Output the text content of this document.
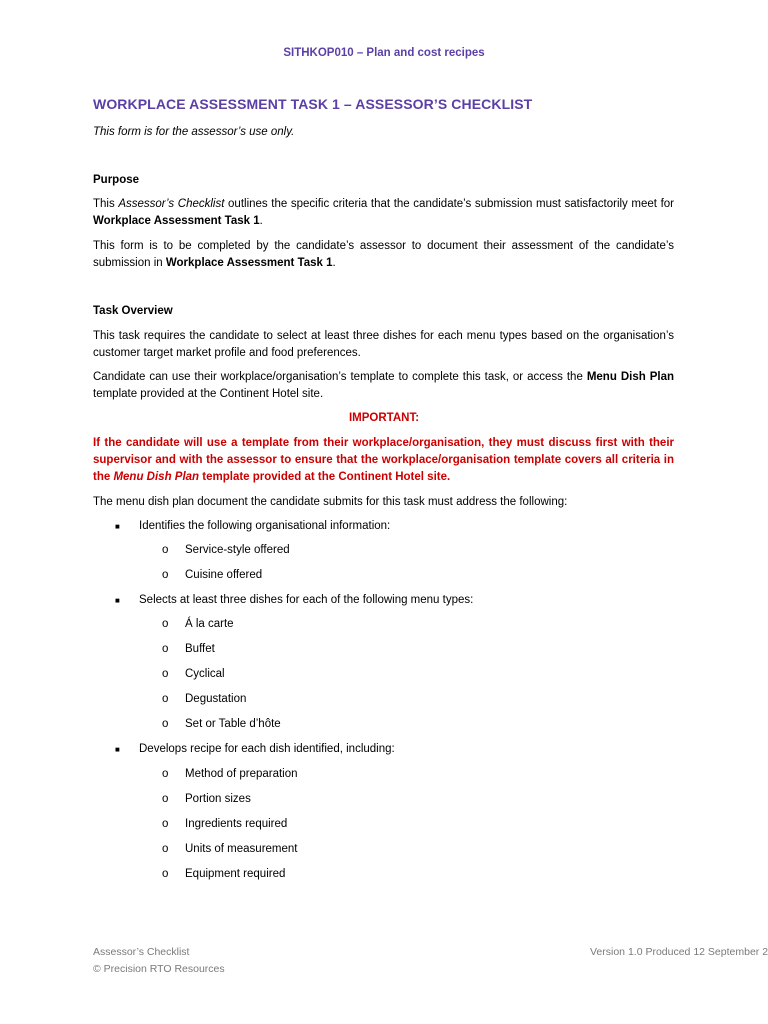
SITHKOP010 – Plan and cost recipes
WORKPLACE ASSESSMENT TASK 1 – ASSESSOR’S CHECKLIST
This form is for the assessor’s use only.
Purpose
This Assessor’s Checklist outlines the specific criteria that the candidate’s submission must satisfactorily meet for Workplace Assessment Task 1.
This form is to be completed by the candidate’s assessor to document their assessment of the candidate’s submission in Workplace Assessment Task 1.
Task Overview
This task requires the candidate to select at least three dishes for each menu types based on the organisation’s customer target market profile and food preferences.
Candidate can use their workplace/organisation’s template to complete this task, or access the Menu Dish Plan template provided at the Continent Hotel site.
IMPORTANT:
If the candidate will use a template from their workplace/organisation, they must discuss first with their supervisor and with the assessor to ensure that the workplace/organisation template covers all criteria in the Menu Dish Plan template provided at the Continent Hotel site.
The menu dish plan document the candidate submits for this task must address the following:
■ Identifies the following organisational information:
o Service-style offered
o Cuisine offered
■ Selects at least three dishes for each of the following menu types:
o Á la carte
o Buffet
o Cyclical
o Degustation
o Set or Table d’hôte
■ Develops recipe for each dish identified, including:
o Method of preparation
o Portion sizes
o Ingredients required
o Units of measurement
o Equipment required
Assessor’s Checklist
© Precision RTO Resources
Version 1.0 Produced 12 September 2
